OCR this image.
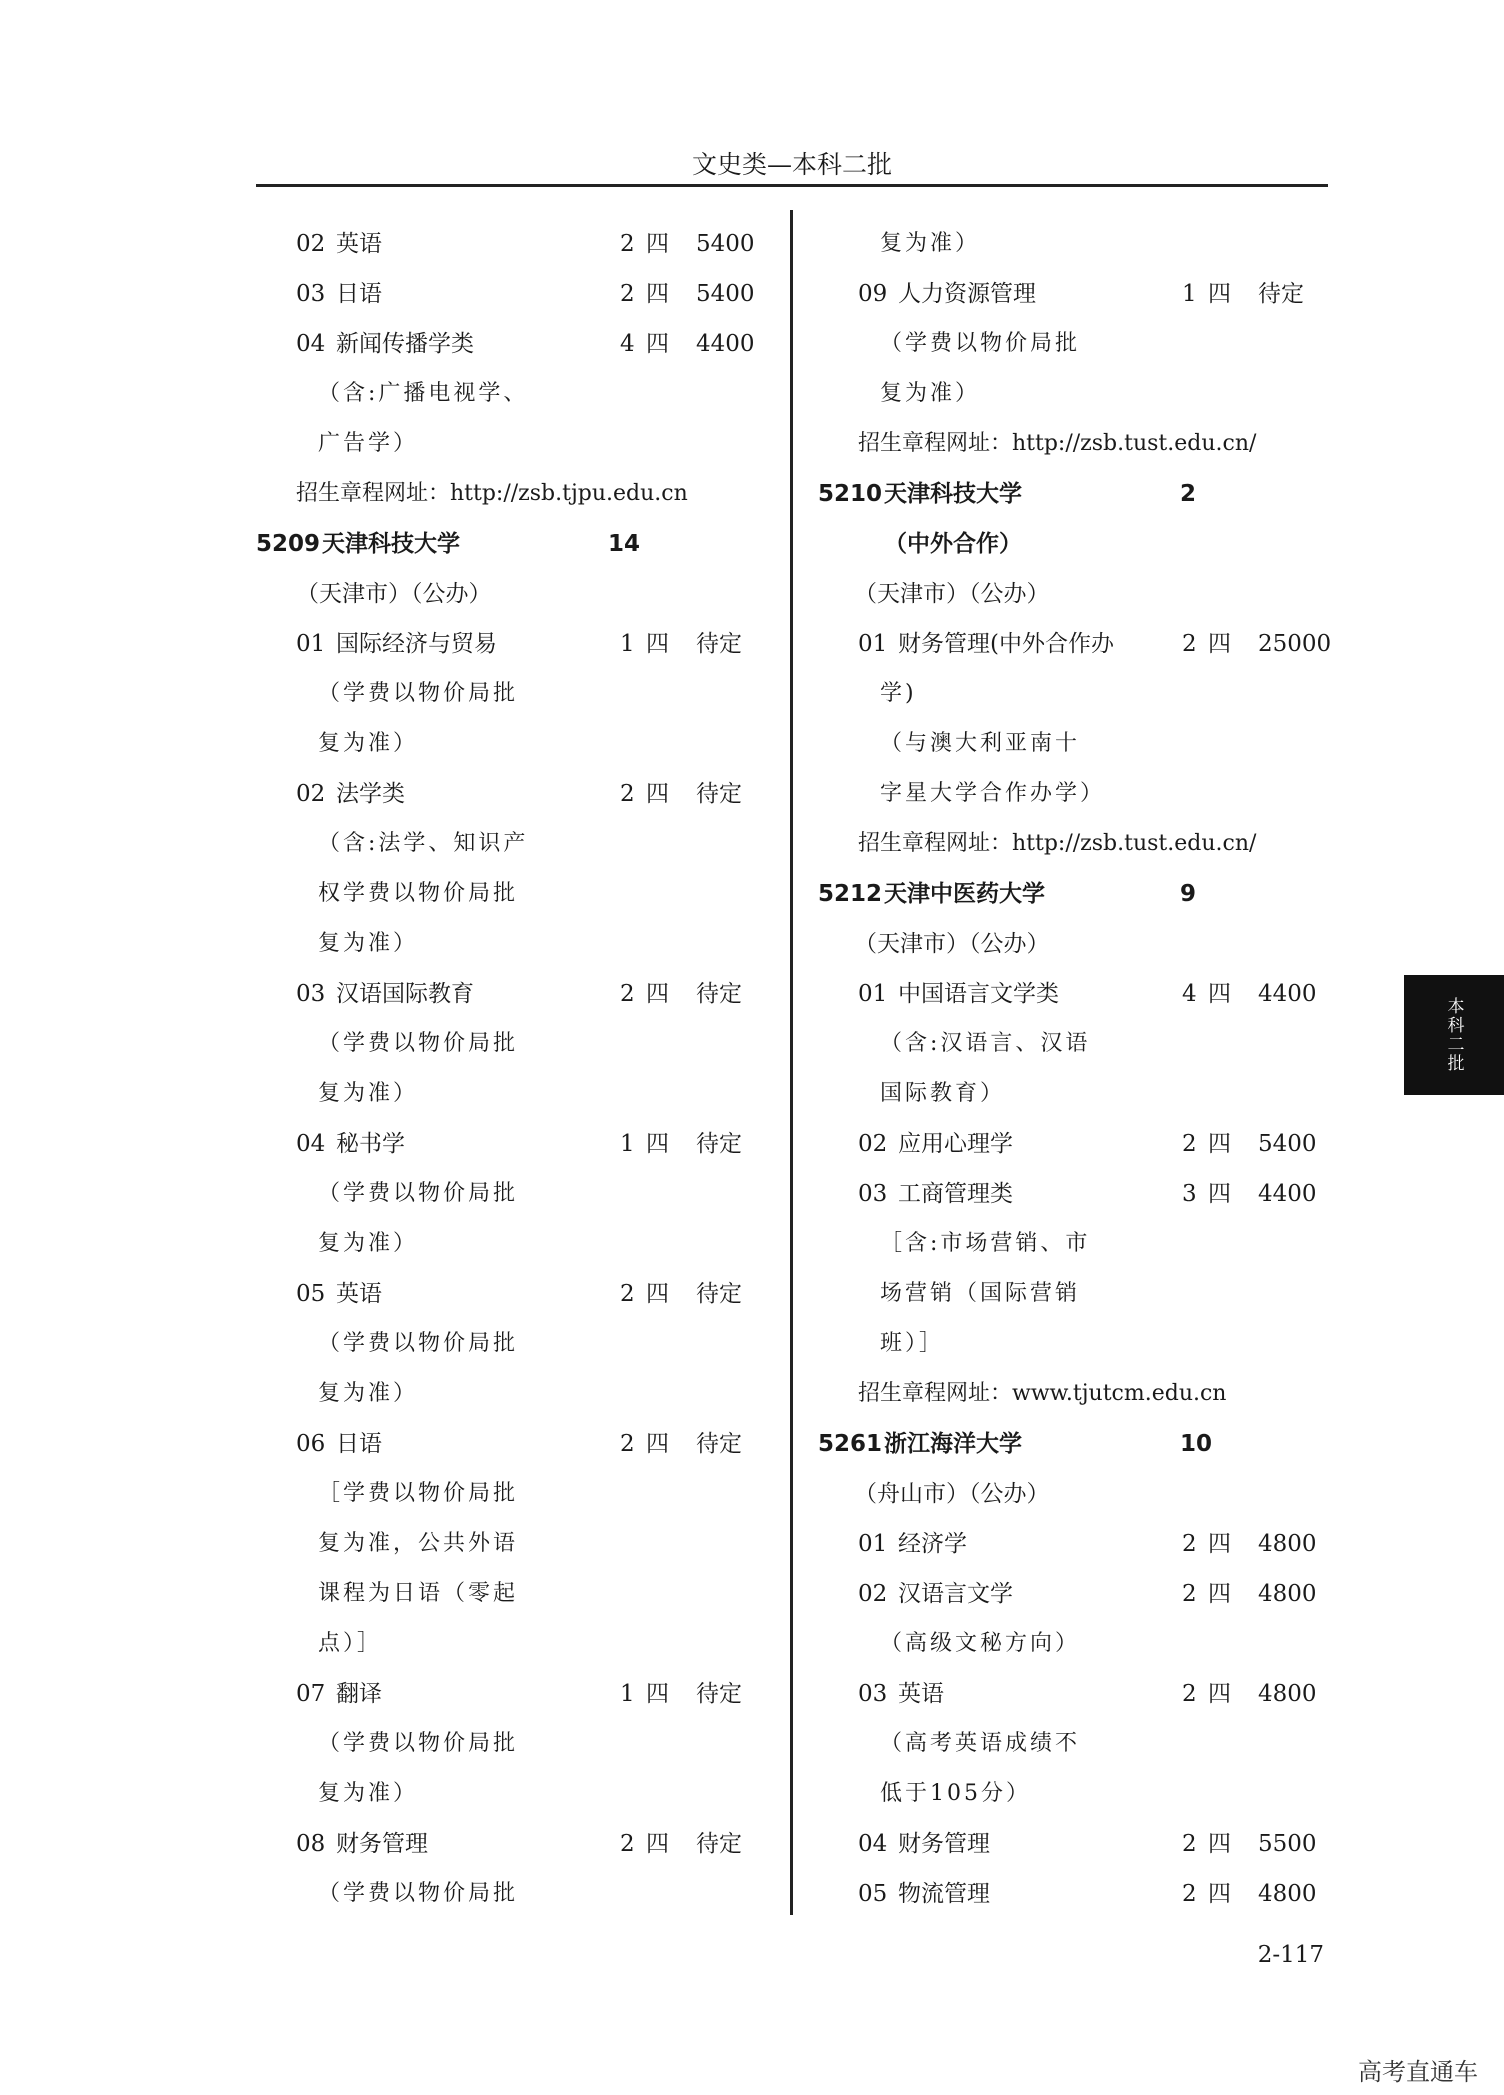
文史类—本科二批
02 英语	2 四 5400
03 日语	2 四 5400
04 新闻传播学类	4 四 4400
（含:广播电视学、
广告学）
招生章程网址：http://zsb.tjpu.edu.cn
5209 天津科技大学	14
（天津市）（公办）
01 国际经济与贸易	1 四 待定
（学费以物价局批
复为准）
02 法学类	2 四 待定
（含:法学、知识产
权学费以物价局批
复为准）
03 汉语国际教育	2 四 待定
（学费以物价局批
复为准）
04 秘书学	1 四 待定
（学费以物价局批
复为准）
05 英语	2 四 待定
（学费以物价局批
复为准）
06 日语	2 四 待定
［学费以物价局批
复为准，公共外语
课程为日语（零起
点）］
07 翻译	1 四 待定
（学费以物价局批
复为准）
08 财务管理	2 四 待定
（学费以物价局批
复为准）
09 人力资源管理	1 四 待定
（学费以物价局批
复为准）
招生章程网址：http://zsb.tust.edu.cn/
5210 天津科技大学	2
（中外合作）
（天津市）（公办）
01 财务管理(中外合作办	2 四 25000
学)
（与澳大利亚南十
字星大学合作办学）
招生章程网址：http://zsb.tust.edu.cn/
5212 天津中医药大学	9
（天津市）（公办）
01 中国语言文学类	4 四 4400
（含:汉语言、汉语
国际教育）
02 应用心理学	2 四 5400
03 工商管理类	3 四 4400
［含:市场营销、市
场营销（国际营销
班）］
招生章程网址：www.tjutcm.edu.cn
5261 浙江海洋大学	10
（舟山市）（公办）
01 经济学	2 四 4800
02 汉语言文学	2 四 4800
（高级文秘方向）
03 英语	2 四 4800
（高考英语成绩不
低于105分）
04 财务管理	2 四 5500
05 物流管理	2 四 4800
本科二批
2-117
高考直通车
